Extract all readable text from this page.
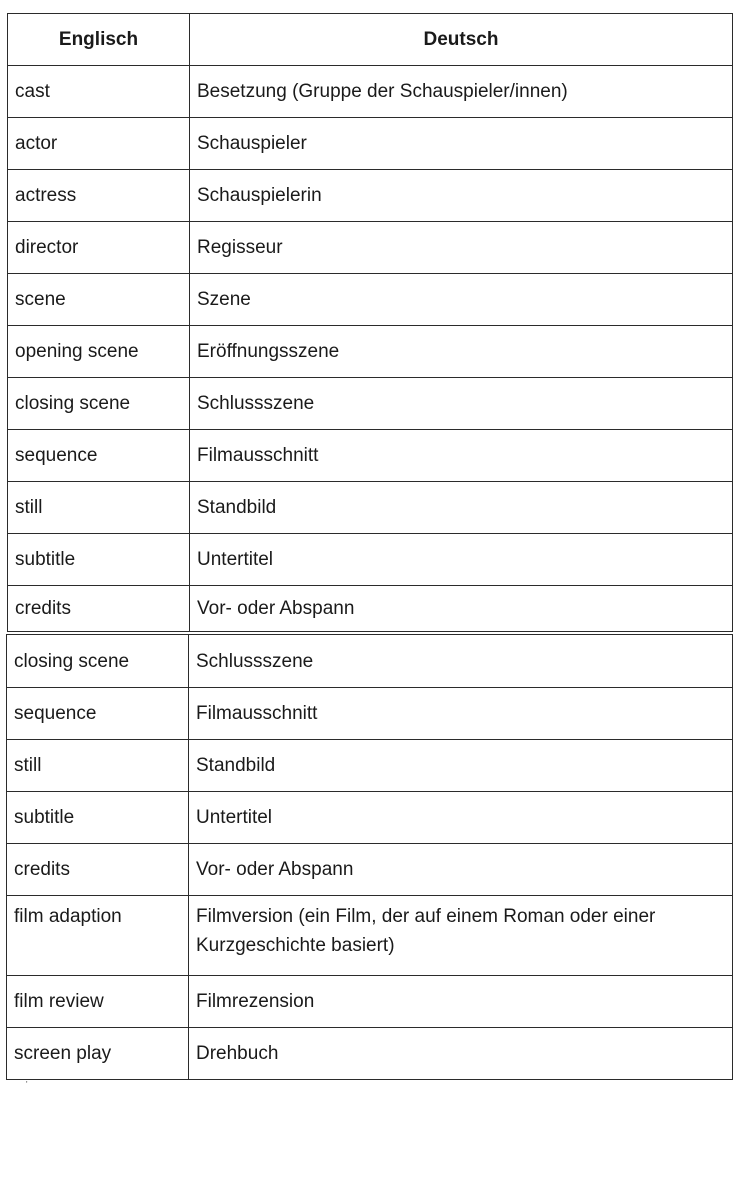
Englisch	Deutsch
cast	Besetzung (Gruppe der Schauspieler/innen)
actor	Schauspieler
actress	Schauspielerin
director	Regisseur
scene	Szene
opening scene	Eröffnungsszene
closing scene	Schlussszene
sequence	Filmausschnitt
still	Standbild
subtitle	Untertitel
credits	Vor- oder Abspann
closing scene	Schlussszene
sequence	Filmausschnitt
still	Standbild
subtitle	Untertitel
credits	Vor- oder Abspann
film adaption	Filmversion (ein Film, der auf einem Roman oder einer Kurzgeschichte basiert)
film review	Filmrezension
screen play	Drehbuch
'
